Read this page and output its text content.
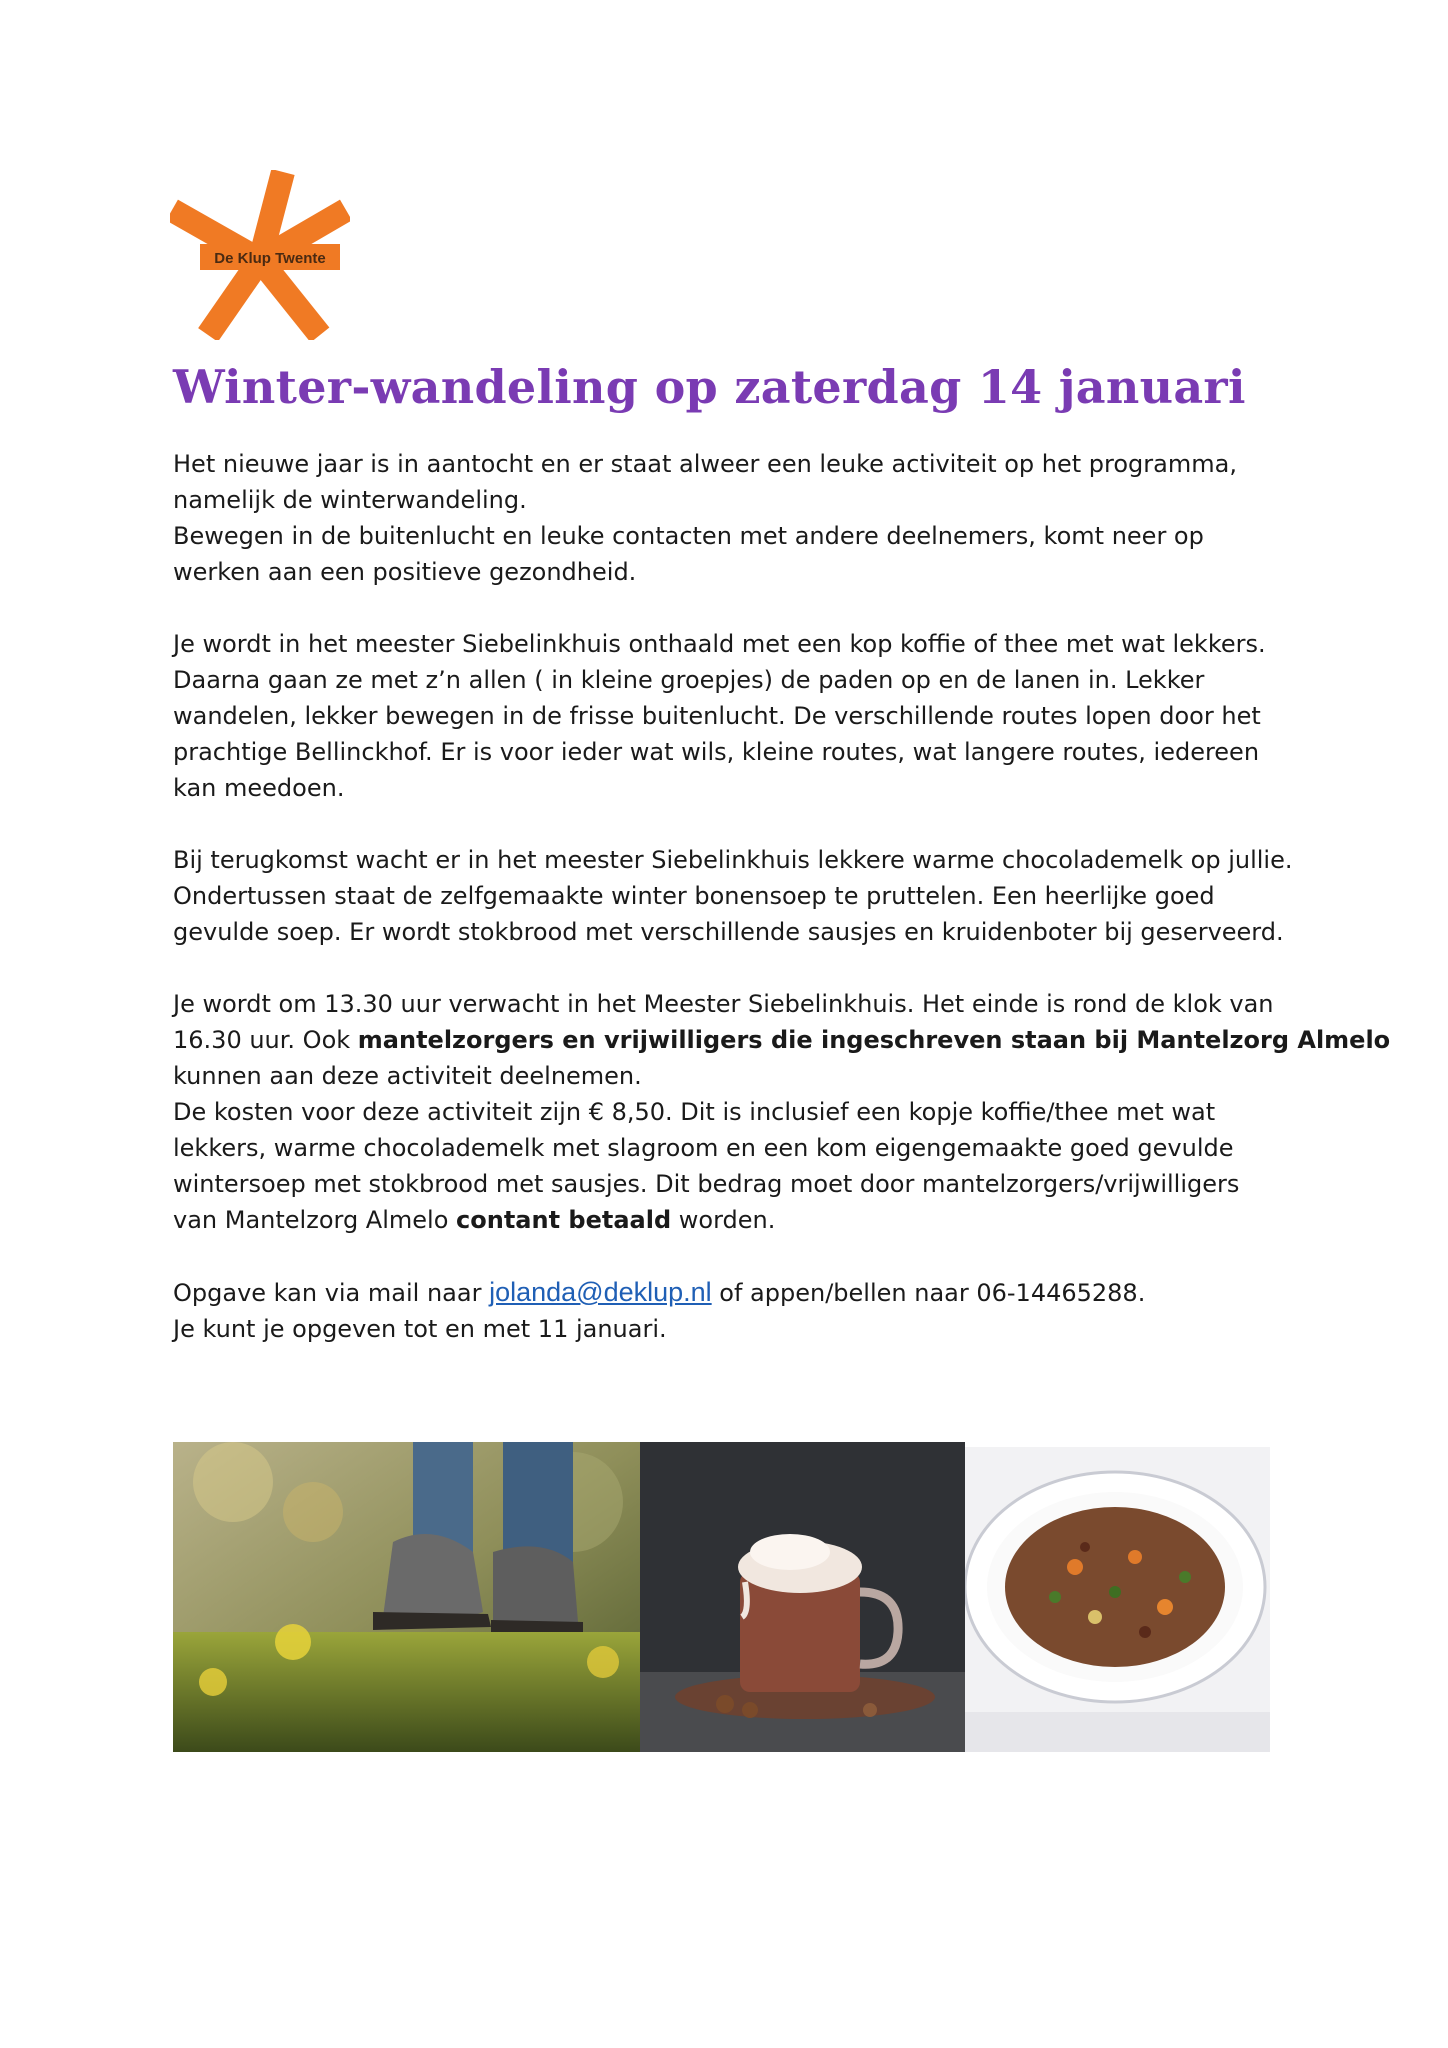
De Klup Twente
Winter-wandeling op zaterdag 14 januari

Het nieuwe jaar is in aantocht en er staat alweer een leuke activiteit op het programma,
namelijk de winterwandeling.
Bewegen in de buitenlucht en leuke contacten met andere deelnemers, komt neer op
werken aan een positieve gezondheid.

Je wordt in het meester Siebelinkhuis onthaald met een kop koffie of thee met wat lekkers.
Daarna gaan ze met z’n allen ( in kleine groepjes) de paden op en de lanen in. Lekker
wandelen, lekker bewegen in de frisse buitenlucht. De verschillende routes lopen door het
prachtige Bellinckhof. Er is voor ieder wat wils, kleine routes, wat langere routes, iedereen
kan meedoen.

Bij terugkomst wacht er in het meester Siebelinkhuis lekkere warme chocolademelk op jullie.
Ondertussen staat de zelfgemaakte winter bonensoep te pruttelen. Een heerlijke goed
gevulde soep. Er wordt stokbrood met verschillende sausjes en kruidenboter bij geserveerd.

Je wordt om 13.30 uur verwacht in het Meester Siebelinkhuis. Het einde is rond de klok van
16.30 uur. Ook mantelzorgers en vrijwilligers die ingeschreven staan bij Mantelzorg Almelo
kunnen aan deze activiteit deelnemen.
De kosten voor deze activiteit zijn € 8,50. Dit is inclusief een kopje koffie/thee met wat
lekkers, warme chocolademelk met slagroom en een kom eigengemaakte goed gevulde
wintersoep met stokbrood met sausjes. Dit bedrag moet door mantelzorgers/vrijwilligers
van Mantelzorg Almelo contant betaald worden.

Opgave kan via mail naar jolanda@deklup.nl of appen/bellen naar 06-14465288.
Je kunt je opgeven tot en met 11 januari.
